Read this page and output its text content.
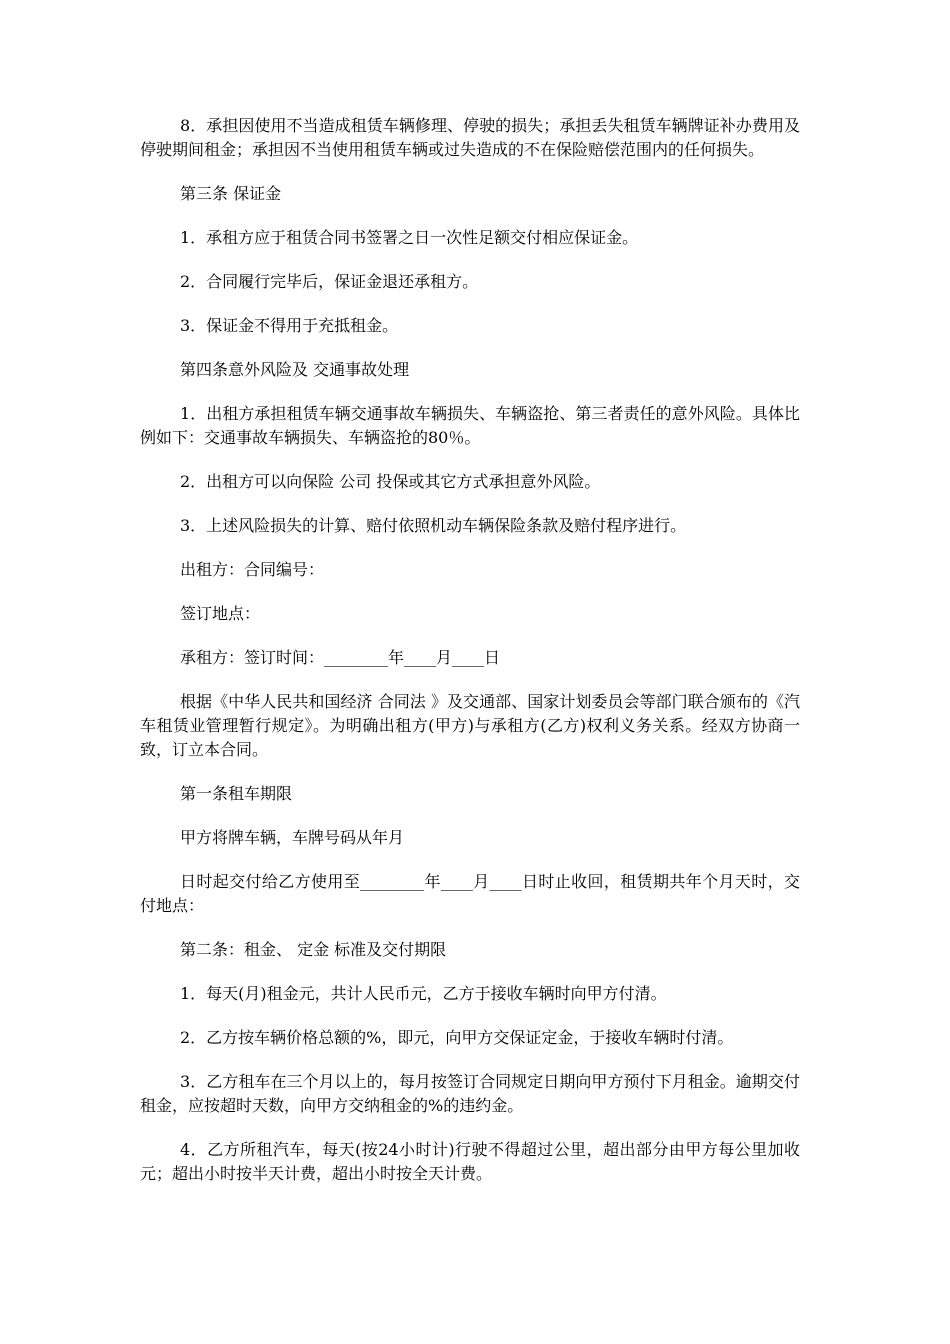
8．承担因使用不当造成租赁车辆修理、停驶的损失；承担丢失租赁车辆牌证补办费用及停驶期间租金；承担因不当使用租赁车辆或过失造成的不在保险赔偿范围内的任何损失。

第三条 保证金

1．承租方应于租赁合同书签署之日一次性足额交付相应保证金。

2．合同履行完毕后，保证金退还承租方。

3．保证金不得用于充抵租金。

第四条意外风险及 交通事故处理

1．出租方承担租赁车辆交通事故车辆损失、车辆盗抢、第三者责任的意外风险。具体比例如下：交通事故车辆损失、车辆盗抢的80％。

2．出租方可以向保险 公司 投保或其它方式承担意外风险。

3．上述风险损失的计算、赔付依照机动车辆保险条款及赔付程序进行。

出租方：合同编号：

签订地点：

承租方：签订时间：________年____月____日

根据《中华人民共和国经济 合同法 》及交通部、国家计划委员会等部门联合颁布的《汽车租赁业管理暂行规定》。为明确出租方(甲方)与承租方(乙方)权利义务关系。经双方协商一致，订立本合同。

第一条租车期限

甲方将牌车辆，车牌号码从年月

日时起交付给乙方使用至________年____月____日时止收回，租赁期共年个月天时，交付地点：

第二条：租金、 定金 标准及交付期限

1．每天(月)租金元，共计人民币元，乙方于接收车辆时向甲方付清。

2．乙方按车辆价格总额的%，即元，向甲方交保证定金，于接收车辆时付清。

3．乙方租车在三个月以上的，每月按签订合同规定日期向甲方预付下月租金。逾期交付租金，应按超时天数，向甲方交纳租金的%的违约金。

4．乙方所租汽车，每天(按24小时计)行驶不得超过公里，超出部分由甲方每公里加收元；超出小时按半天计费，超出小时按全天计费。
